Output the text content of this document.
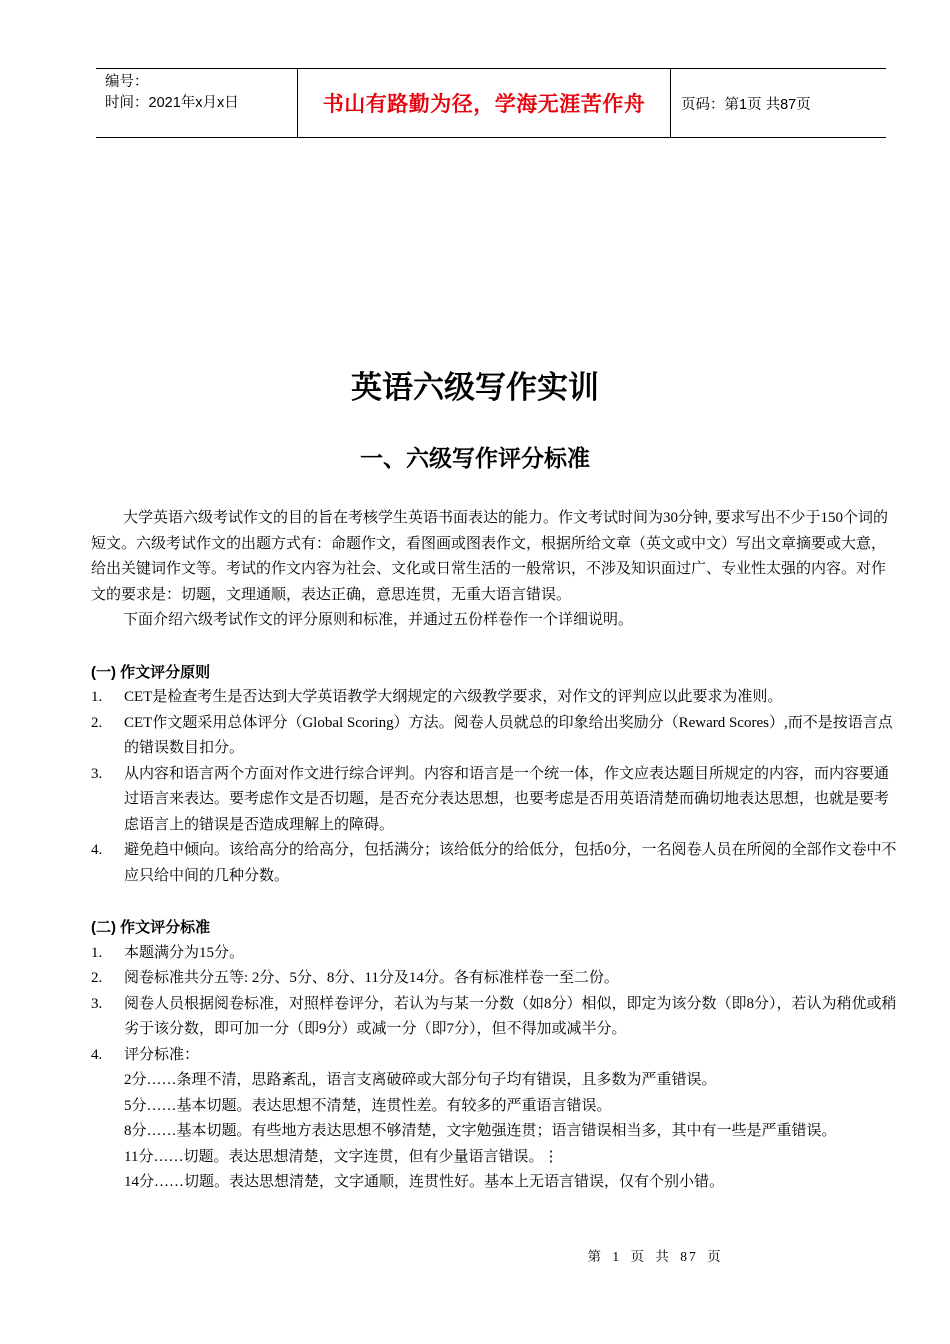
编号：
时间：2021年x月x日	书山有路勤为径，学海无涯苦作舟	页码：第1页 共87页
英语六级写作实训
一、六级写作评分标准

大学英语六级考试作文的目的旨在考核学生英语书面表达的能力。作文考试时间为30分钟, 要求写出不少于150个词的短文。六级考试作文的出题方式有：命题作文，看图画或图表作文，根据所给文章（英文或中文）写出文章摘要或大意，给出关键词作文等。考试的作文内容为社会、文化或日常生活的一般常识，不涉及知识面过广、专业性太强的内容。对作文的要求是：切题，文理通顺，表达正确，意思连贯，无重大语言错误。

下面介绍六级考试作文的评分原则和标准，并通过五份样卷作一个详细说明。

(一) 作文评分原则
1. CET是检查考生是否达到大学英语教学大纲规定的六级教学要求，对作文的评判应以此要求为准则。
2. CET作文题采用总体评分（Global Scoring）方法。阅卷人员就总的印象给出奖励分（Reward Scores）,而不是按语言点的错误数目扣分。
3. 从内容和语言两个方面对作文进行综合评判。内容和语言是一个统一体，作文应表达题目所规定的内容，而内容要通过语言来表达。要考虑作文是否切题，是否充分表达思想，也要考虑是否用英语清楚而确切地表达思想，也就是要考虑语言上的错误是否造成理解上的障碍。
4. 避免趋中倾向。该给高分的给高分，包括满分；该给低分的给低分，包括0分，一名阅卷人员在所阅的全部作文卷中不应只给中间的几种分数。
(二) 作文评分标准
1. 本题满分为15分。
2. 阅卷标准共分五等: 2分、5分、8分、11分及14分。各有标准样卷一至二份。
3. 阅卷人员根据阅卷标准，对照样卷评分，若认为与某一分数（如8分）相似，即定为该分数（即8分），若认为稍优或稍劣于该分数，即可加一分（即9分）或减一分（即7分），但不得加或减半分。
4. 评分标准：
2分……条理不清，思路紊乱，语言支离破碎或大部分句子均有错误，且多数为严重错误。
5分……基本切题。表达思想不清楚，连贯性差。有较多的严重语言错误。
8分……基本切题。有些地方表达思想不够清楚，文字勉强连贯；语言错误相当多，其中有一些是严重错误。
11分……切题。表达思想清楚，文字连贯，但有少量语言错误。⋮
14分……切题。表达思想清楚，文字通顺，连贯性好。基本上无语言错误，仅有个别小错。
第 1 页 共 87 页
